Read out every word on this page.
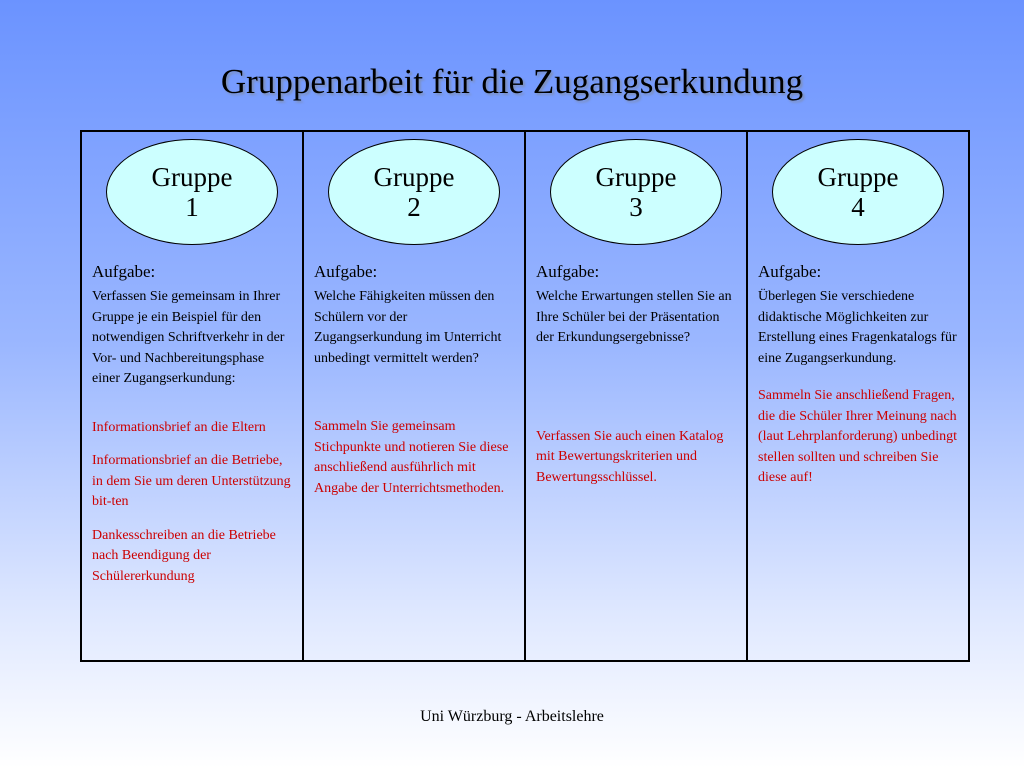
Gruppenarbeit für die Zugangserkundung
Gruppe
1
Aufgabe:
Verfassen Sie gemeinsam in Ihrer Gruppe je ein Beispiel für den notwendigen Schriftverkehr in der Vor- und Nachbereitungsphase einer Zugangserkundung:
Informationsbrief an die Eltern
Informationsbrief an die Betriebe, in dem Sie um deren Unterstützung bit-ten
Dankesschreiben an die Betriebe nach Beendigung der Schülererkundung
Gruppe
2
Aufgabe:
Welche Fähigkeiten müssen den Schülern vor der Zugangserkundung im Unterricht unbedingt vermittelt werden?
Sammeln Sie gemeinsam Stichpunkte und notieren Sie diese anschließend ausführlich mit Angabe der Unterrichtsmethoden.
Gruppe
3
Aufgabe:
Welche Erwartungen stellen Sie an Ihre Schüler bei der Präsentation der Erkundungsergebnisse?
Verfassen Sie auch einen Katalog mit Bewertungskriterien und Bewertungsschlüssel.
Gruppe
4
Aufgabe:
Überlegen Sie verschiedene didaktische Möglichkeiten zur Erstellung eines Fragenkatalogs für eine Zugangserkundung.
Sammeln Sie anschließend Fragen, die die Schüler Ihrer Meinung nach (laut Lehrplanforderung) unbedingt stellen sollten und schreiben Sie diese auf!
Uni Würzburg - Arbeitslehre
